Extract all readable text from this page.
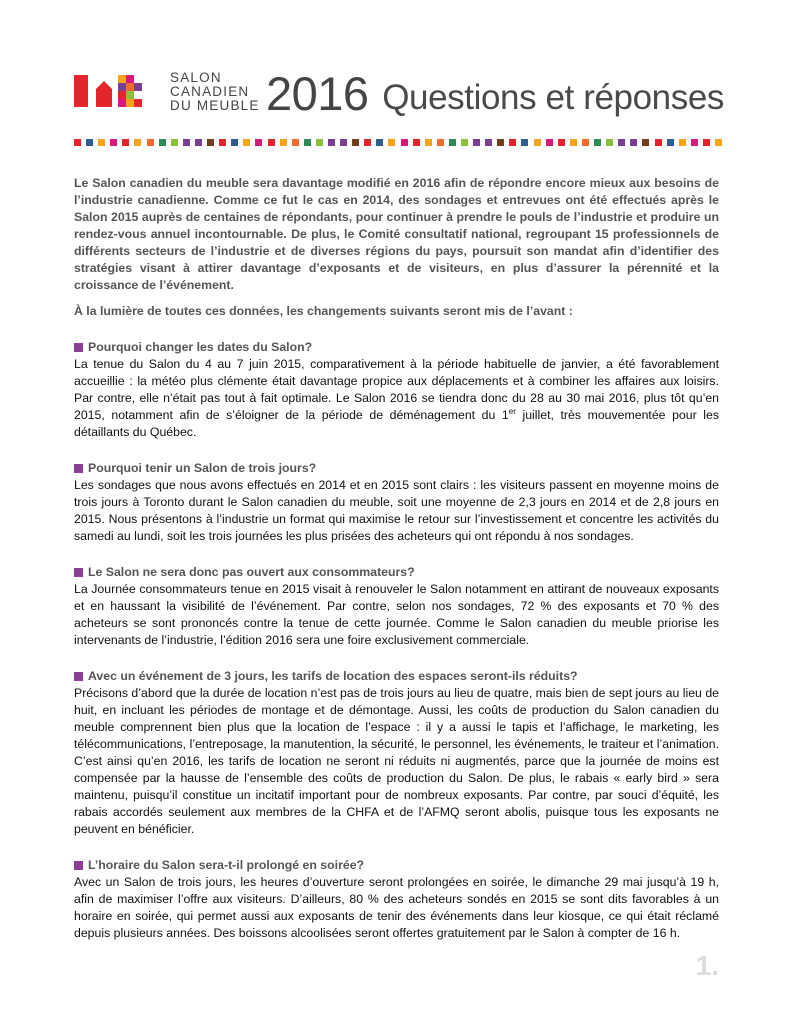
SALON
CANADIEN
DU MEUBLE 2016 Questions et réponses

Le Salon canadien du meuble sera davantage modifié en 2016 afin de répondre encore mieux aux besoins de l’industrie canadienne. Comme ce fut le cas en 2014, des sondages et entrevues ont été effectués après le Salon 2015 auprès de centaines de répondants, pour continuer à prendre le pouls de l’industrie et produire un rendez-vous annuel incontournable. De plus, le Comité consultatif national, regroupant 15 professionnels de différents secteurs de l’industrie et de diverses régions du pays, poursuit son mandat afin d’identifier des stratégies visant à attirer davantage d’exposants et de visiteurs, en plus d’assurer la pérennité et la croissance de l’événement.

À la lumière de toutes ces données, les changements suivants seront mis de l’avant :

Pourquoi changer les dates du Salon?

La tenue du Salon du 4 au 7 juin 2015, comparativement à la période habituelle de janvier, a été favorablement accueillie : la météo plus clémente était davantage propice aux déplacements et à combiner les affaires aux loisirs. Par contre, elle n’était pas tout à fait optimale. Le Salon 2016 se tiendra donc du 28 au 30 mai 2016, plus tôt qu’en 2015, notamment afin de s’éloigner de la période de déménagement du 1er juillet, très mouvementée pour les détaillants du Québec.

Pourquoi tenir un Salon de trois jours?

Les sondages que nous avons effectués en 2014 et en 2015 sont clairs : les visiteurs passent en moyenne moins de trois jours à Toronto durant le Salon canadien du meuble, soit une moyenne de 2,3 jours en 2014 et de 2,8 jours en 2015. Nous présentons à l’industrie un format qui maximise le retour sur l’investissement et concentre les activités du samedi au lundi, soit les trois journées les plus prisées des acheteurs qui ont répondu à nos sondages.

Le Salon ne sera donc pas ouvert aux consommateurs?

La Journée consommateurs tenue en 2015 visait à renouveler le Salon notamment en attirant de nouveaux exposants et en haussant la visibilité de l’événement. Par contre, selon nos sondages, 72 % des exposants et 70 % des acheteurs se sont prononcés contre la tenue de cette journée. Comme le Salon canadien du meuble priorise les intervenants de l’industrie, l’édition 2016 sera une foire exclusivement commerciale.

Avec un événement de 3 jours, les tarifs de location des espaces seront-ils réduits?

Précisons d’abord que la durée de location n’est pas de trois jours au lieu de quatre, mais bien de sept jours au lieu de huit, en incluant les périodes de montage et de démontage. Aussi, les coûts de production du Salon canadien du meuble comprennent bien plus que la location de l’espace : il y a aussi le tapis et l’affichage, le marketing, les télécommunications, l’entreposage, la manutention, la sécurité, le personnel, les événements, le traiteur et l’animation. C’est ainsi qu’en 2016, les tarifs de location ne seront ni réduits ni augmentés, parce que la journée de moins est compensée par la hausse de l’ensemble des coûts de production du Salon. De plus, le rabais « early bird » sera maintenu, puisqu’il constitue un incitatif important pour de nombreux exposants. Par contre, par souci d’équité, les rabais accordés seulement aux membres de la CHFA et de l’AFMQ seront abolis, puisque tous les exposants ne peuvent en bénéficier.

L’horaire du Salon sera-t-il prolongé en soirée?

Avec un Salon de trois jours, les heures d’ouverture seront prolongées en soirée, le dimanche 29 mai jusqu’à 19 h, afin de maximiser l’offre aux visiteurs. D’ailleurs, 80 % des acheteurs sondés en 2015 se sont dits favorables à un horaire en soirée, qui permet aussi aux exposants de tenir des événements dans leur kiosque, ce qui était réclamé depuis plusieurs années. Des boissons alcoolisées seront offertes gratuitement par le Salon à compter de 16 h.

1.
